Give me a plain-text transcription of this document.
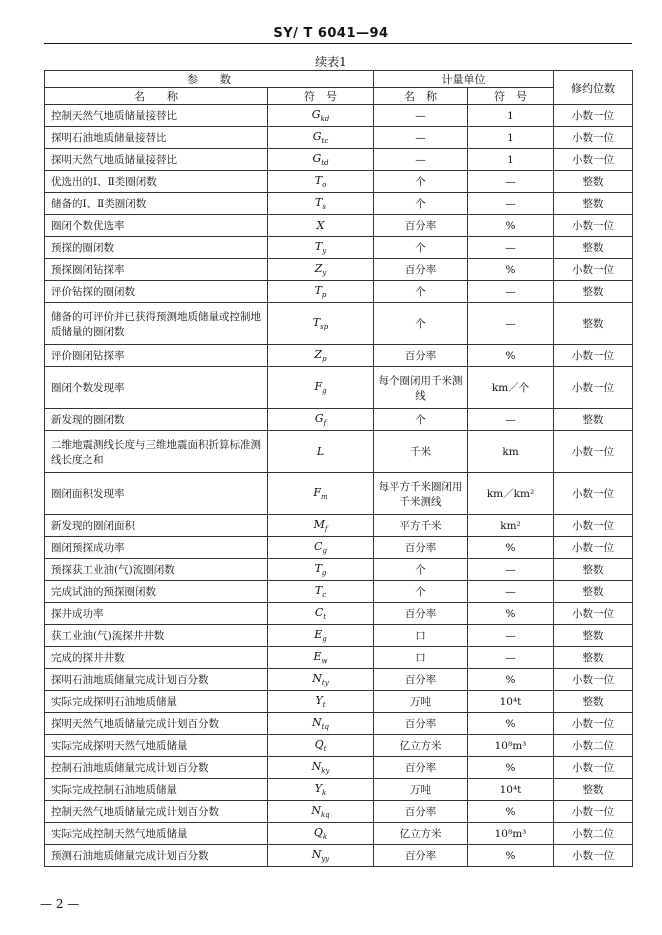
SY/ T 6041—94
续表1
参　　数		计量单位		修约位数
名　　称	符　号	名　称	符　号	
控制天然气地质储量接替比	$G_{kd}$	—	1	小数一位
探明石油地质储量接替比	$G_{tc}$	—	1	小数一位
探明天然气地质储量接替比	$G_{td}$	—	1	小数一位
优选出的Ⅰ、Ⅱ类圈闭数	$T_o$	个	—	整数
储备的Ⅰ、Ⅱ类圈闭数	$T_s$	个	—	整数
圈闭个数优选率	X	百分率	%	小数一位
预探的圈闭数	$T_y$	个	—	整数
预探圈闭钻探率	$Z_y$	百分率	%	小数一位
评价钻探的圈闭数	$T_p$	个	—	整数
储备的可评价并已获得预测地质储量或控制地质储量的圈闭数	$T_{sp}$	个	—	整数
评价圈闭钻探率	$Z_p$	百分率	%	小数一位
圈闭个数发现率	$F_g$	每个圈闭用千米测线	km／个	小数一位
新发现的圈闭数	$G_f$	个	—	整数
二维地震测线长度与三维地震面积折算标准测线长度之和	L	千米	km	小数一位
圈闭面积发现率	$F_m$	每平方千米圈闭用千米测线	km／km²	小数一位
新发现的圈闭面积	$M_f$	平方千米	km²	小数一位
圈闭预探成功率	$C_g$	百分率	%	小数一位
预探获工业油(气)流圈闭数	$T_g$	个	—	整数
完成试油的预探圈闭数	$T_c$	个	—	整数
探井成功率	$C_t$	百分率	%	小数一位
获工业油(气)流探井井数	$E_g$	口	—	整数
完成的探井井数	$E_w$	口	—	整数
探明石油地质储量完成计划百分数	$N_{ty}$	百分率	%	小数一位
实际完成探明石油地质储量	$Y_t$	万吨	10⁴t	整数
探明天然气地质储量完成计划百分数	$N_{tq}$	百分率	%	小数一位
实际完成探明天然气地质储量	$Q_t$	亿立方米	10⁸m³	小数二位
控制石油地质储量完成计划百分数	$N_{ky}$	百分率	%	小数一位
实际完成控制石油地质储量	$Y_k$	万吨	10⁴t	整数
控制天然气地质储量完成计划百分数	$N_{kq}$	百分率	%	小数一位
实际完成控制天然气地质储量	$Q_k$	亿立方米	10⁸m³	小数二位
预测石油地质储量完成计划百分数	$N_{yy}$	百分率	%	小数一位
— 2 —
